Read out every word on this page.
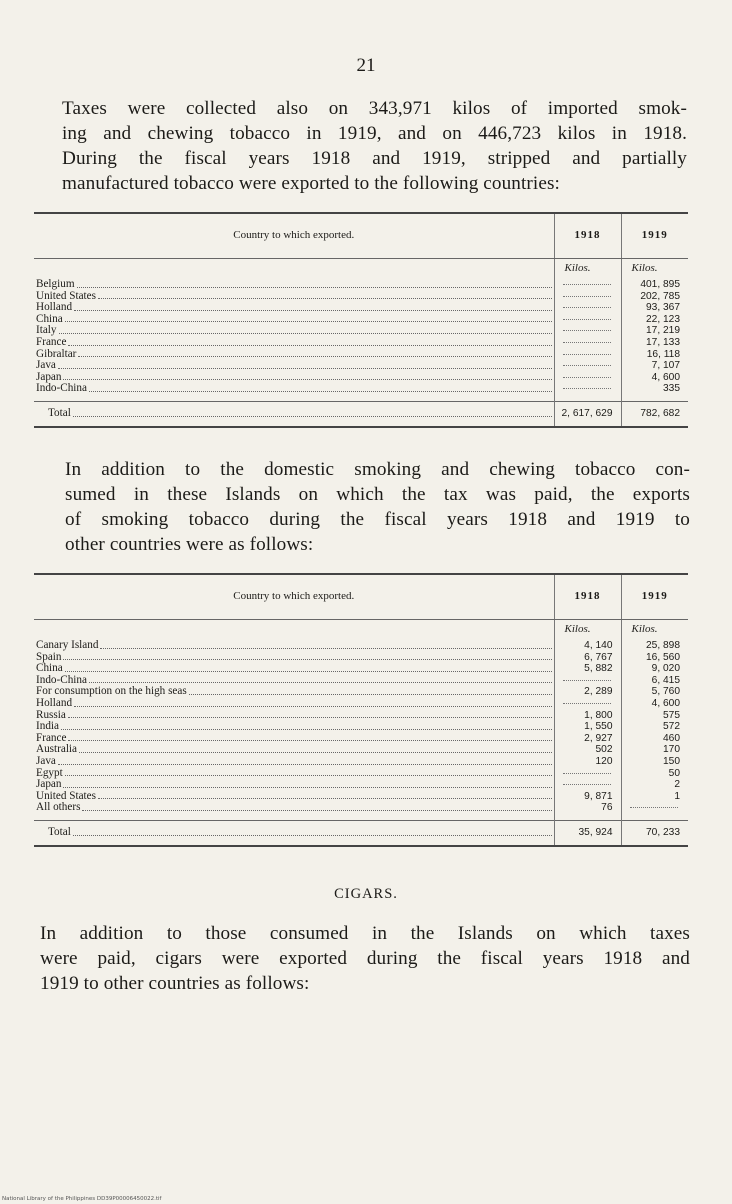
21

Taxes were collected also on 343,971 kilos of imported smok-
ing and chewing tobacco in 1919, and on 446,723 kilos in 1918.
During the fiscal years 1918 and 1919, stripped and partially
manufactured tobacco were exported to the following countries:

Country to which exported.	1918	1919

	Kilos.	Kilos.

Belgium		401, 895

United States		202, 785

Holland		93, 367

China		22, 123

Italy		17, 219

France		17, 133

Gibraltar		16, 118

Java		7, 107

Japan		4, 600

Indo-China		335

Total	2, 617, 629	782, 682

In addition to the domestic smoking and chewing tobacco con-
sumed in these Islands on which the tax was paid, the exports
of smoking tobacco during the fiscal years 1918 and 1919 to
other countries were as follows:

Country to which exported.	1918	1919

	Kilos.	Kilos.

Canary Island	4, 140	25, 898

Spain	6, 767	16, 560

China	5, 882	9, 020

Indo-China		6, 415

For consumption on the high seas	2, 289	5, 760

Holland		4, 600

Russia	1, 800	575

India	1, 550	572

France	2, 927	460

Australia	502	170

Java	120	150

Egypt		50

Japan		2

United States	9, 871	1

All others	76	

Total	35, 924	70, 233
CIGARS.

In addition to those consumed in the Islands on which taxes
were paid, cigars were exported during the fiscal years 1918 and
1919 to other countries as follows:

National Library of the Philippines DD39P00006450022.tif
